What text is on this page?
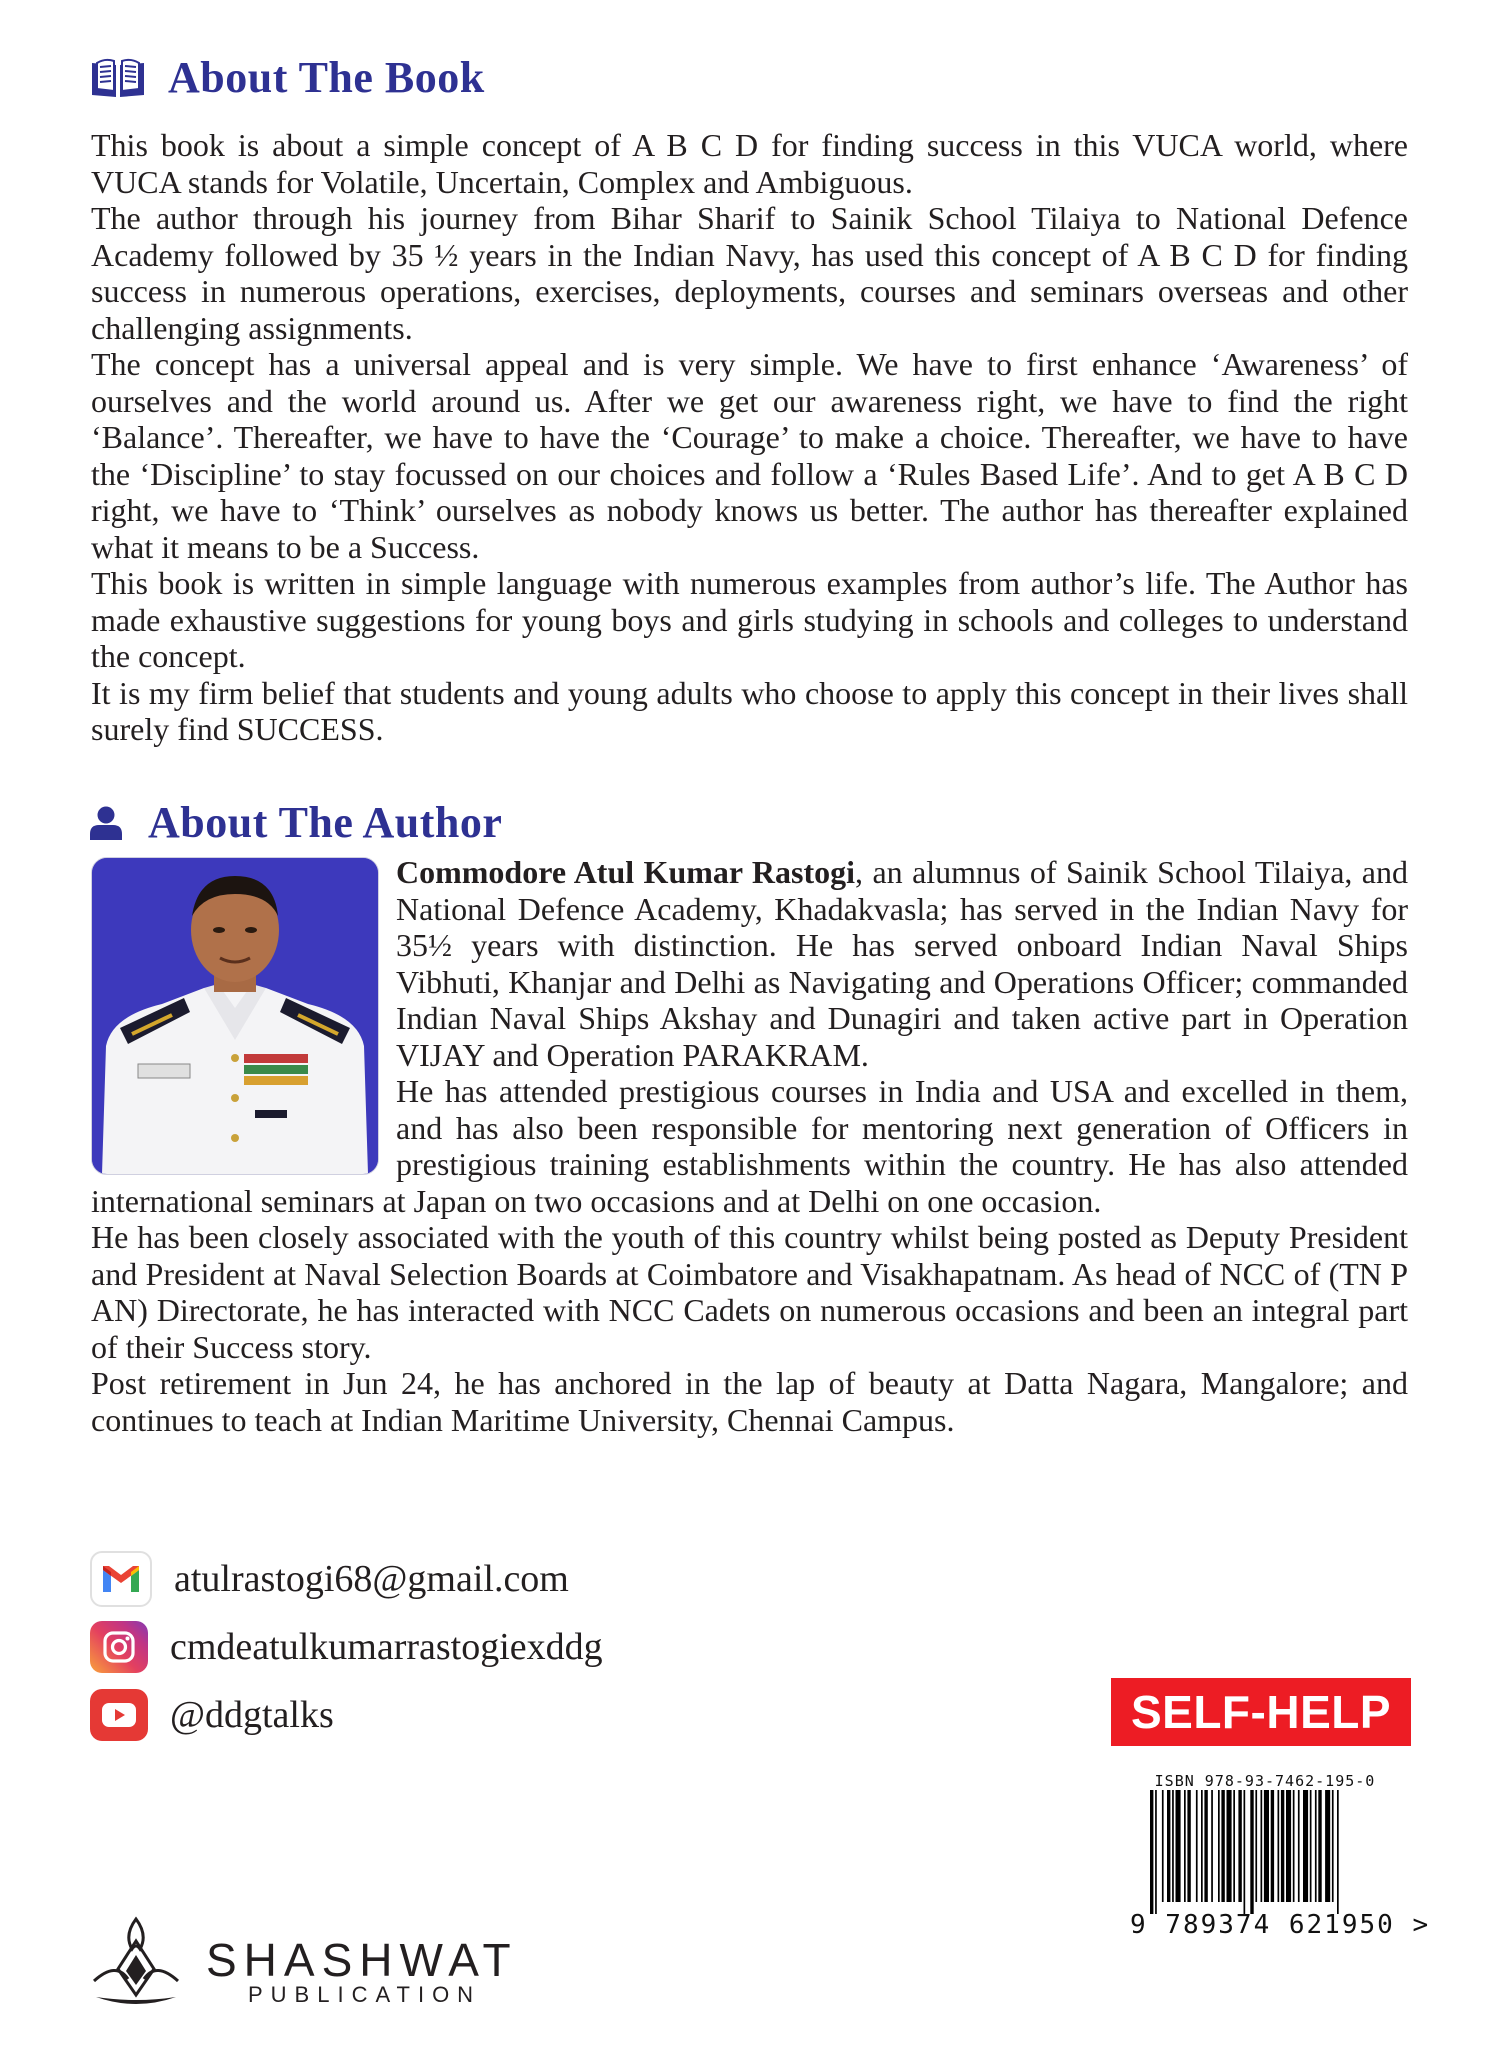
About The Book

This book is about a simple concept of A B C D for finding success in this VUCA world, where VUCA stands for Volatile, Uncertain, Complex and Ambiguous.

The author through his journey from Bihar Sharif to Sainik School Tilaiya to National Defence Academy followed by 35 ½ years in the Indian Navy, has used this concept of A B C D for finding success in numerous operations, exercises, deployments, courses and seminars overseas and other challenging assignments.

The concept has a universal appeal and is very simple. We have to first enhance ‘Awareness’ of ourselves and the world around us. After we get our awareness right, we have to find the right ‘Balance’. Thereafter, we have to have the ‘Courage’ to make a choice. Thereafter, we have to have the ‘Discipline’ to stay focussed on our choices and follow a ‘Rules Based Life’. And to get A B C D right, we have to ‘Think’ ourselves as nobody knows us better. The author has thereafter explained what it means to be a Success.

This book is written in simple language with numerous examples from author’s life. The Author has made exhaustive suggestions for young boys and girls studying in schools and colleges to understand the concept.

It is my firm belief that students and young adults who choose to apply this concept in their lives shall surely find SUCCESS.

About The Author

Commodore Atul Kumar Rastogi, an alumnus of Sainik School Tilaiya, and National Defence Academy, Khadakvasla; has served in the Indian Navy for 35½ years with distinction. He has served onboard Indian Naval Ships Vibhuti, Khanjar and Delhi as Navigating and Operations Officer; commanded Indian Naval Ships Akshay and Dunagiri and taken active part in Operation VIJAY and Operation PARAKRAM.

He has attended prestigious courses in India and USA and excelled in them, and has also been responsible for mentoring next generation of Officers in prestigious training establishments within the country. He has also attended international seminars at Japan on two occasions and at Delhi on one occasion.

He has been closely associated with the youth of this country whilst being posted as Deputy President and President at Naval Selection Boards at Coimbatore and Visakhapatnam. As head of NCC of (TN P AN) Directorate, he has interacted with NCC Cadets on numerous occasions and been an integral part of their Success story.

Post retirement in Jun 24, he has anchored in the lap of beauty at Datta Nagara, Mangalore; and continues to teach at Indian Maritime University, Chennai Campus.

atulrastogi68@gmail.com
cmdeatulkumarrastogiexddg
@ddgtalks	SELF-HELP
ISBN 978-93-7462-195-0
9 789374 621950 >
SHASHWAT
PUBLICATION
